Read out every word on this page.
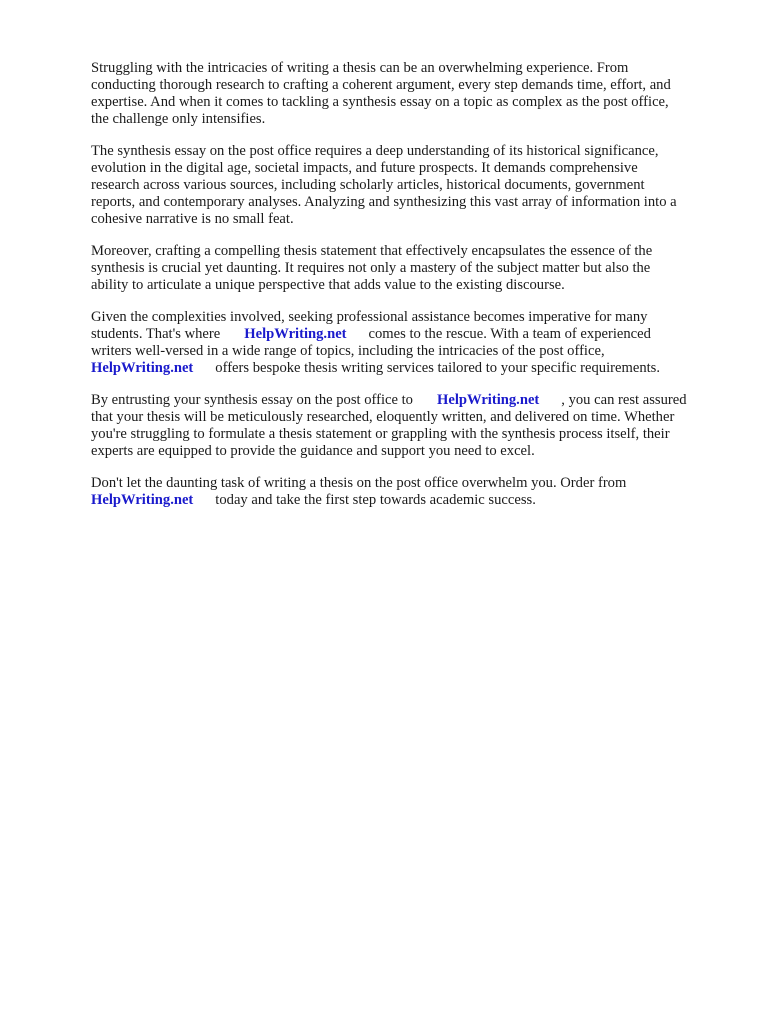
Struggling with the intricacies of writing a thesis can be an overwhelming experience. From
conducting thorough research to crafting a coherent argument, every step demands time, effort, and
expertise. And when it comes to tackling a synthesis essay on a topic as complex as the post office,
the challenge only intensifies.
The synthesis essay on the post office requires a deep understanding of its historical significance,
evolution in the digital age, societal impacts, and future prospects. It demands comprehensive
research across various sources, including scholarly articles, historical documents, government
reports, and contemporary analyses. Analyzing and synthesizing this vast array of information into a
cohesive narrative is no small feat.
Moreover, crafting a compelling thesis statement that effectively encapsulates the essence of the
synthesis is crucial yet daunting. It requires not only a mastery of the subject matter but also the
ability to articulate a unique perspective that adds value to the existing discourse.
Given the complexities involved, seeking professional assistance becomes imperative for many
students. That's where HelpWriting.net comes to the rescue. With a team of experienced
writers well-versed in a wide range of topics, including the intricacies of the post office,
HelpWriting.net offers bespoke thesis writing services tailored to your specific requirements.
By entrusting your synthesis essay on the post office to HelpWriting.net , you can rest assured
that your thesis will be meticulously researched, eloquently written, and delivered on time. Whether
you're struggling to formulate a thesis statement or grappling with the synthesis process itself, their
experts are equipped to provide the guidance and support you need to excel.
Don't let the daunting task of writing a thesis on the post office overwhelm you. Order from
HelpWriting.net today and take the first step towards academic success.
